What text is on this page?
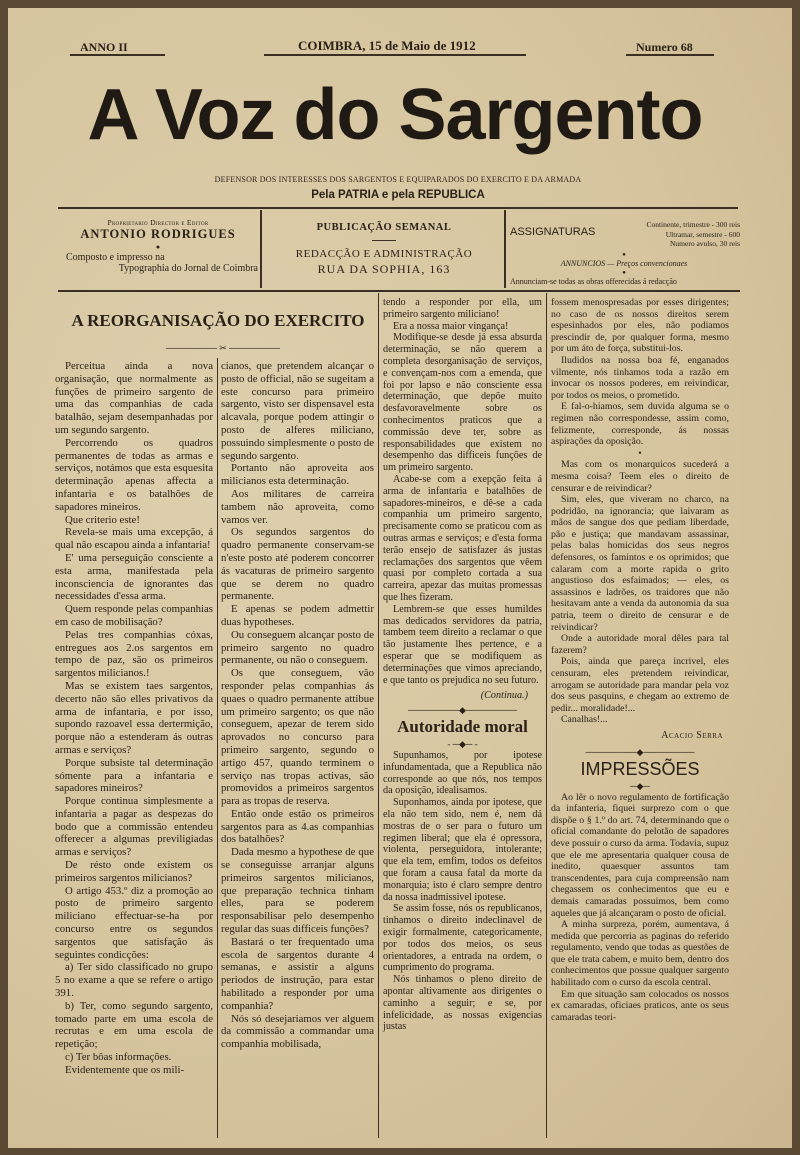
ANNO II	COIMBRA, 15 de Maio de 1912	Numero 68
A Voz do Sargento
DEFENSOR DOS INTERESSES DOS SARGENTOS E EQUIPARADOS DO EXERCITO E DA ARMADA
Pela PATRIA e pela REPUBLICA
Proprietario Director e Editor
ANTONIO RODRIGUES
●
Composto e impresso na
Typographia do Jornal de Coimbra
PUBLICAÇÃO SEMANAL
REDACÇÃO E ADMINISTRAÇÃO
RUA DA SOPHIA, 163
ASSIGNATURAS
Continente, trimestre - 300 reis
Ultramar, semestre - 600
Numero avulso, 30 reis
●
ANNUNCIOS — Preços convencionaes
●
Annunciam-se todas as obras offerecidas á redacção
A REORGANISAÇÃO DO EXERCITO
──────── ✂ ────────

Perceitua ainda a nova organisação, que normalmente as funções de primeiro sargento de uma das companhias de cada batalhão, sejam desempanhadas por um segundo sargento.

Percorrendo os quadros permanentes de todas as armas e serviços, notámos que esta esquesita determinação apenas affecta a infantaria e os batalhões de sapadores mineiros.

Que criterio este!

Revela-se mais uma excepção, á qual não escapou ainda a infantaria!

E' uma perseguição consciente a esta arma, manifestada pela inconsciencia de ignorantes das necessidades d'essa arma.

Quem responde pelas companhias em caso de mobilisação?

Pelas tres companhias cóxas, entregues aos 2.os sargentos em tempo de paz, são os primeiros sargentos milicianos.!

Mas se existem taes sargentos, decerto não são elles privativos da arma de infantaria, e por isso, supondo razoavel essa dertermição, porque não a estenderam ás outras armas e serviços?

Porque subsiste tal determinação sómente para a infantaria e sapadores mineiros?

Porque continua simplesmente a infantaria a pagar as despezas do bodo que a commissão entendeu offerecer a algumas previligiadas armas e serviços?

De résto onde existem os primeiros sargentos milicianos?

O artigo 453.º diz a promoção ao posto de primeiro sargento miliciano effectuar-se-ha por concurso entre os segundos sargentos que satisfação ás seguintes condicções:

a) Ter sido classificado no grupo 5 no exame a que se refere o artigo 391.

b) Ter, como segundo sargento, tomado parte em uma escola de recrutas e em uma escola de repetição;

c) Ter bôas informações.

Evidentemente que os mili-

cianos, que pretendem alcançar o posto de official, não se sugeitam a este concurso para primeiro sargento, visto ser dispensavel esta alcavala, porque podem attingir o posto de alferes miliciano, possuindo simplesmente o posto de segundo sargento.

Portanto não aproveita aos milicianos esta determinação.

Aos militares de carreira tambem não aproveita, como vamos ver.

Os segundos sargentos do quadro permanente conservam-se n'este posto até poderem concorrer ás vacaturas de primeiro sargento que se derem no quadro permanente.

E apenas se podem admettir duas hypotheses.

Ou conseguem alcançar posto de primeiro sargento no quadro permanente, ou não o conseguem.

Os que conseguem, vão responder pelas companhias ás quaes o quadro permanente attibue um primeiro sargento; os que não conseguem, apezar de terem sido aprovados no concurso para primeiro sargento, segundo o artigo 457, quando terminem o serviço nas tropas activas, são promovidos a primeiros sargentos para as tropas de reserva.

Então onde estão os primeiros sargentos para as 4.as companhias dos batalhões?

Dada mesmo a hypothese de que se conseguisse arranjar alguns primeiros sargentos milicianos, que preparação technica tinham elles, para se poderem responsabilisar pelo desempenho regular das suas difficeis funções?

Bastará o ter frequentado uma escola de sargentos durante 4 semanas, e assistir a alguns periodos de instrução, para estar habilitado a responder por uma companhia?

Nós só desejariamos ver alguem da commissão a commandar uma companhia mobilisada,

tendo a responder por ella, um primeiro sargento miliciano!

Era a nossa maior vingança!

Modifique-se desde já essa absurda determinação, se não querem a completa desorganisação de serviços, e convençam-nos com a emenda, que foi por lapso e não consciente essa determinação, que depõe muito desfavoravelmente sobre os conhecimentos praticos que a commissão deve ter, sobre as responsabilidades que existem no desempenho das difficeis funções de um primeiro sargento.

Acabe-se com a exepção feita á arma de infantaria e batalhões de sapadores-mineiros, e dê-se a cada companhia um primeiro sargento, precisamente como se praticou com as outras armas e serviços; e d'esta forma terão ensejo de satisfazer ás justas reclamações dos sargentos que vêem quasi por completo cortada a sua carreira, apezar das muitas promessas que lhes fizeram.

Lembrem-se que esses humildes mas dedicados servidores da patria, tambem teem direito a reclamar o que tão justamente lhes pertence, e a esperar que se modifiquem as determinações que vimos apreciando, e que tanto os prejudica no seu futuro.

(Continua.)
────────◆────────
Autoridade moral
- ─◆─ -

Supunhamos, por ipotese infundamentada, que a Republica não corresponde ao que nós, nos tempos da oposição, idealisamos.

Suponhamos, ainda por ipotese, que ela não tem sido, nem é, nem dá mostras de o ser para o futuro um regimen liberal; que ela é opressora, violenta, perseguidora, intolerante; que ela tem, emfim, todos os defeitos que foram a causa fatal da morte da monarquia; isto é claro sempre dentro da nossa inadmissivel ipotese.

Se assim fosse, nós os republicanos, tinhamos o direito indeclinavel de exigir formalmente, categoricamente, por todos dos meios, os seus orientadores, a entrada na ordem, o cumprimento do programa.

Nós tinhamos o pleno direito de apontar altivamente aos dirigentes o caminho a seguir; e se, por infelicidade, as nossas exigencias justas

fossem menospresadas por esses dirigentes; no caso de os nossos direitos serem espesinhados por eles, não podiamos prescindir de, por qualquer forma, mesmo por um áto de força, substitui-los.

Iludidos na nossa boa fé, enganados vilmente, nós tinhamos toda a razão em invocar os nossos poderes, em reivindicar, por todos os meios, o prometido.

E fal-o-hiamos, sem duvida alguma se o regimen não correspondesse, assim como, felizmente, corresponde, ás nossas aspirações da oposição.

•

Mas com os monarquicos sucederá a mesma coisa? Teem eles o direito de censurar e de reivindicar?

Sim, eles, que viveram no charco, na podridão, na ignorancia; que laivaram as mãos de sangue dos que pediam liberdade, pão e justiça; que mandavam assassinar, pelas balas homicidas dos seus negros defensores, os famintos e os oprimidos; que calaram com a morte rapida o grito angustioso dos esfaimados; — eles, os assassinos e ladrões, os traidores que não hesitavam ante a venda da autonomia da sua patria, teem o direito de censurar e de reivindicar?

Onde a autoridade moral dêles para tal fazerem?

Pois, ainda que pareça incrivel, eles censuram, eles pretendem reivindicar, arrogam se autoridade para mandar pela voz dos seus pasquins, e chegam ao extremo de pedir... moralidade!...

Canalhas!...

Acacio Serra
────────◆────────
IMPRESSÕES
─◆─

Ao lêr o novo regulamento de fortificação da infanteria, fiquei surprezo com o que dispõe o § 1.º do art. 74, determinando que o oficial comandante do pelotão de sapadores deve possuir o curso da arma. Todavia, supuz que ele me apresentaria qualquer cousa de inedito, quaesquer assuntos tam transcendentes, para cuja compreensão nam chegassem os conhecimentos que eu e demais camaradas possuimos, bem como aqueles que já alcançaram o posto de oficial.

A minha surpreza, porém, aumentava, á medida que percorria as paginas do referido regulamento, vendo que todas as questões de que ele trata cabem, e muito bem, dentro dos conhecimentos que possue qualquer sargento habilitado com o curso da escola central.

Em que situação sam colocados os nossos ex camaradas, oficiaes praticos, ante os seus camaradas teori-
